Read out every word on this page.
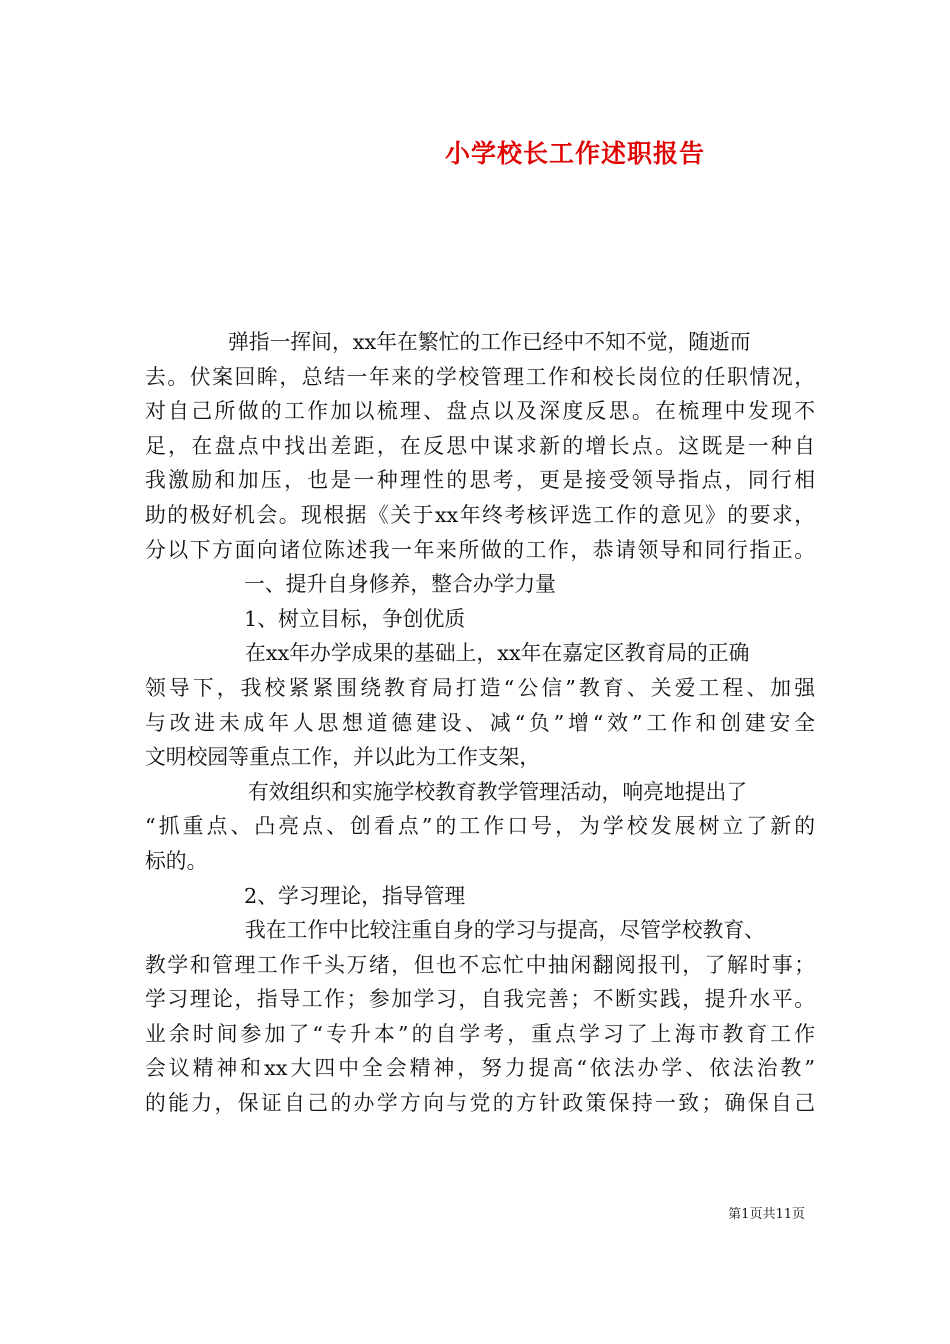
小学校长工作述职报告
弹指一挥间，xx年在繁忙的工作已经中不知不觉，随逝而
去。伏案回眸，总结一年来的学校管理工作和校长岗位的任职情况，
对自己所做的工作加以梳理、盘点以及深度反思。在梳理中发现不
足，在盘点中找出差距，在反思中谋求新的增长点。这既是一种自
我激励和加压，也是一种理性的思考，更是接受领导指点，同行相
助的极好机会。现根据《关于xx年终考核评选工作的意见》的要求，
分以下方面向诸位陈述我一年来所做的工作，恭请领导和同行指正。
一、提升自身修养，整合办学力量
1、树立目标，争创优质
在xx年办学成果的基础上，xx年在嘉定区教育局的正确
领导下，我校紧紧围绕教育局打造“公信”教育、关爱工程、加强
与改进未成年人思想道德建设、减“负”增“效”工作和创建安全
文明校园等重点工作，并以此为工作支架，
有效组织和实施学校教育教学管理活动，响亮地提出了
“抓重点、凸亮点、创看点”的工作口号，为学校发展树立了新的
标的。
2、学习理论，指导管理
我在工作中比较注重自身的学习与提高，尽管学校教育、
教学和管理工作千头万绪，但也不忘忙中抽闲翻阅报刊，了解时事；
学习理论，指导工作；参加学习，自我完善；不断实践，提升水平。
业余时间参加了“专升本”的自学考，重点学习了上海市教育工作
会议精神和xx大四中全会精神，努力提高“依法办学、依法治教”
的能力，保证自己的办学方向与党的方针政策保持一致；确保自己
第1页共11页
